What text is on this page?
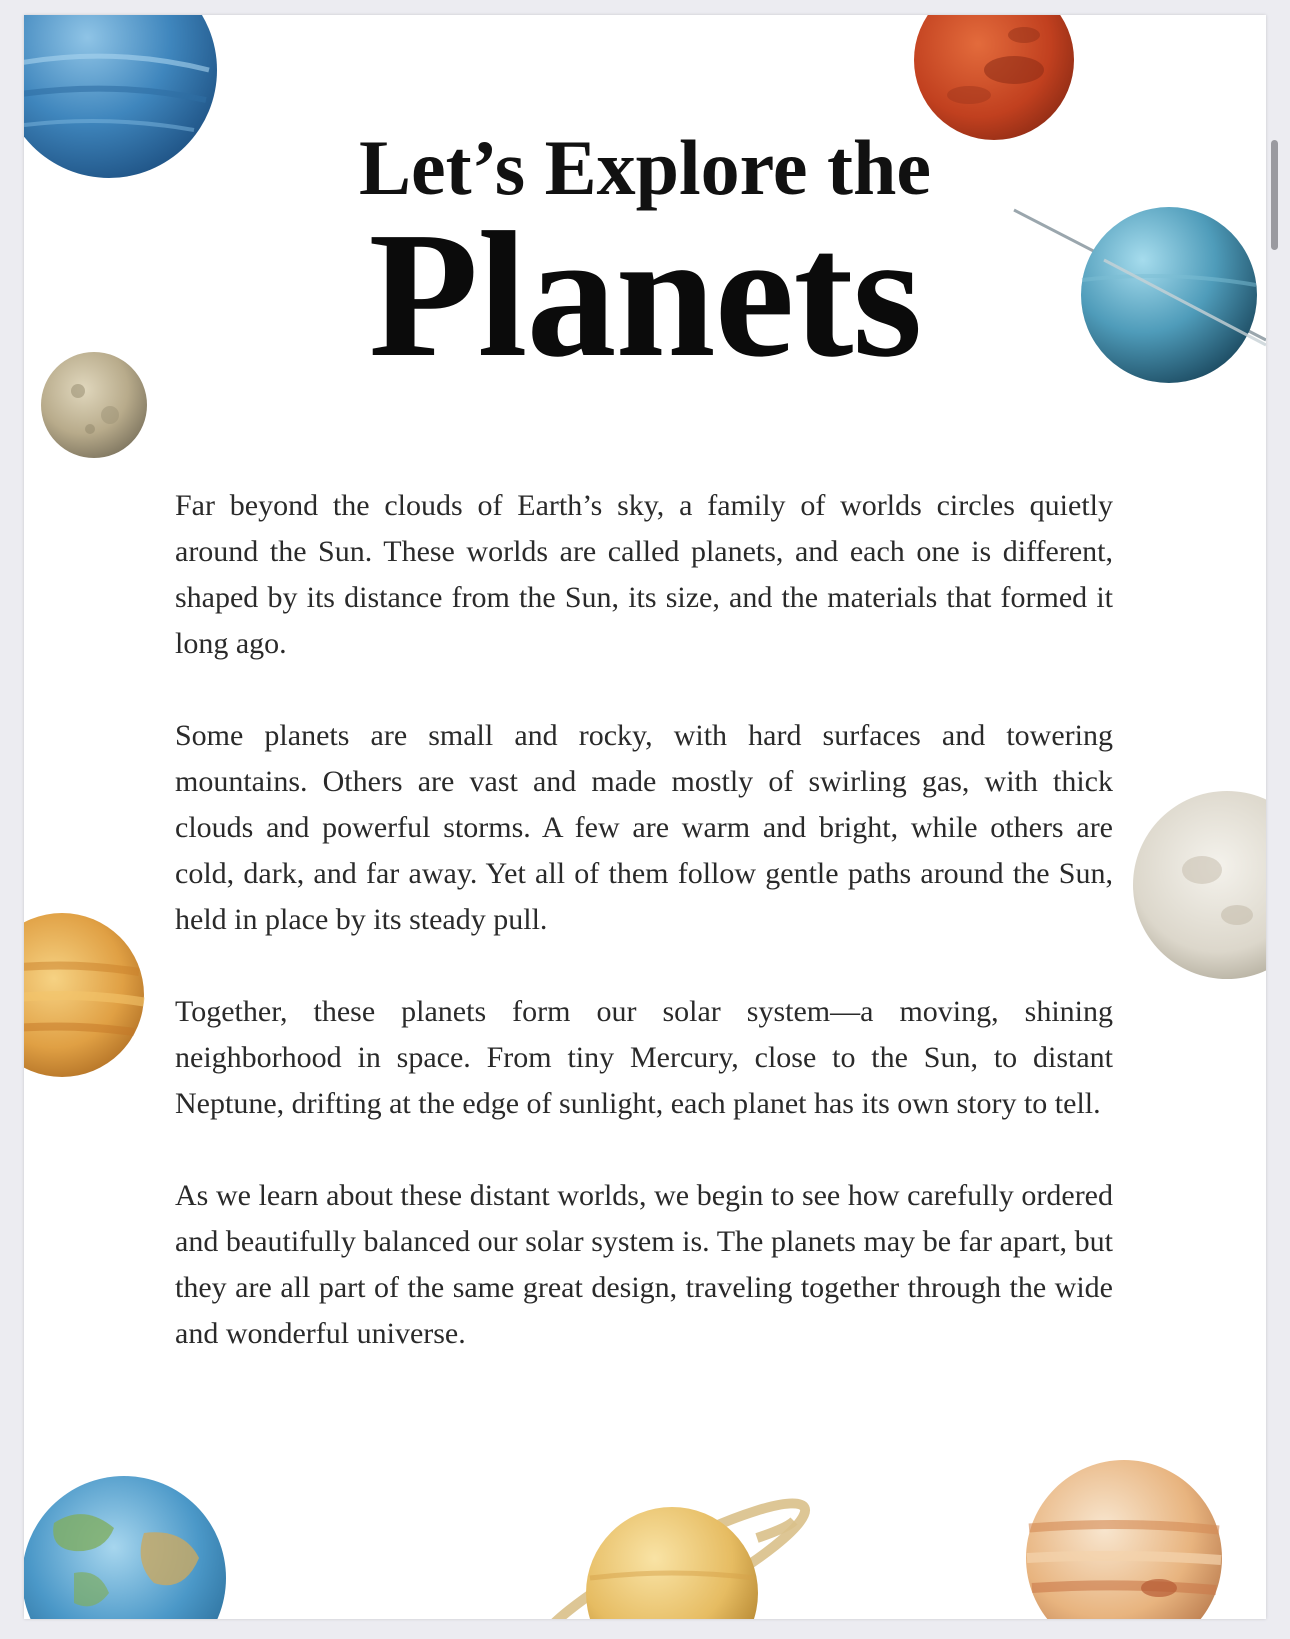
Let’s Explore the
Planets

Far beyond the clouds of Earth’s sky, a family of worlds circles quietly around the Sun. These worlds are called planets, and each one is different, shaped by its distance from the Sun, its size, and the materials that formed it long ago.

Some planets are small and rocky, with hard surfaces and towering mountains. Others are vast and made mostly of swirling gas, with thick clouds and powerful storms. A few are warm and bright, while others are cold, dark, and far away. Yet all of them follow gentle paths around the Sun, held in place by its steady pull.

Together, these planets form our solar system—a moving, shining neighborhood in space. From tiny Mercury, close to the Sun, to distant Neptune, drifting at the edge of sunlight, each planet has its own story to tell.

As we learn about these distant worlds, we begin to see how carefully ordered and beautifully balanced our solar system is. The planets may be far apart, but they are all part of the same great design, traveling together through the wide and wonderful universe.
